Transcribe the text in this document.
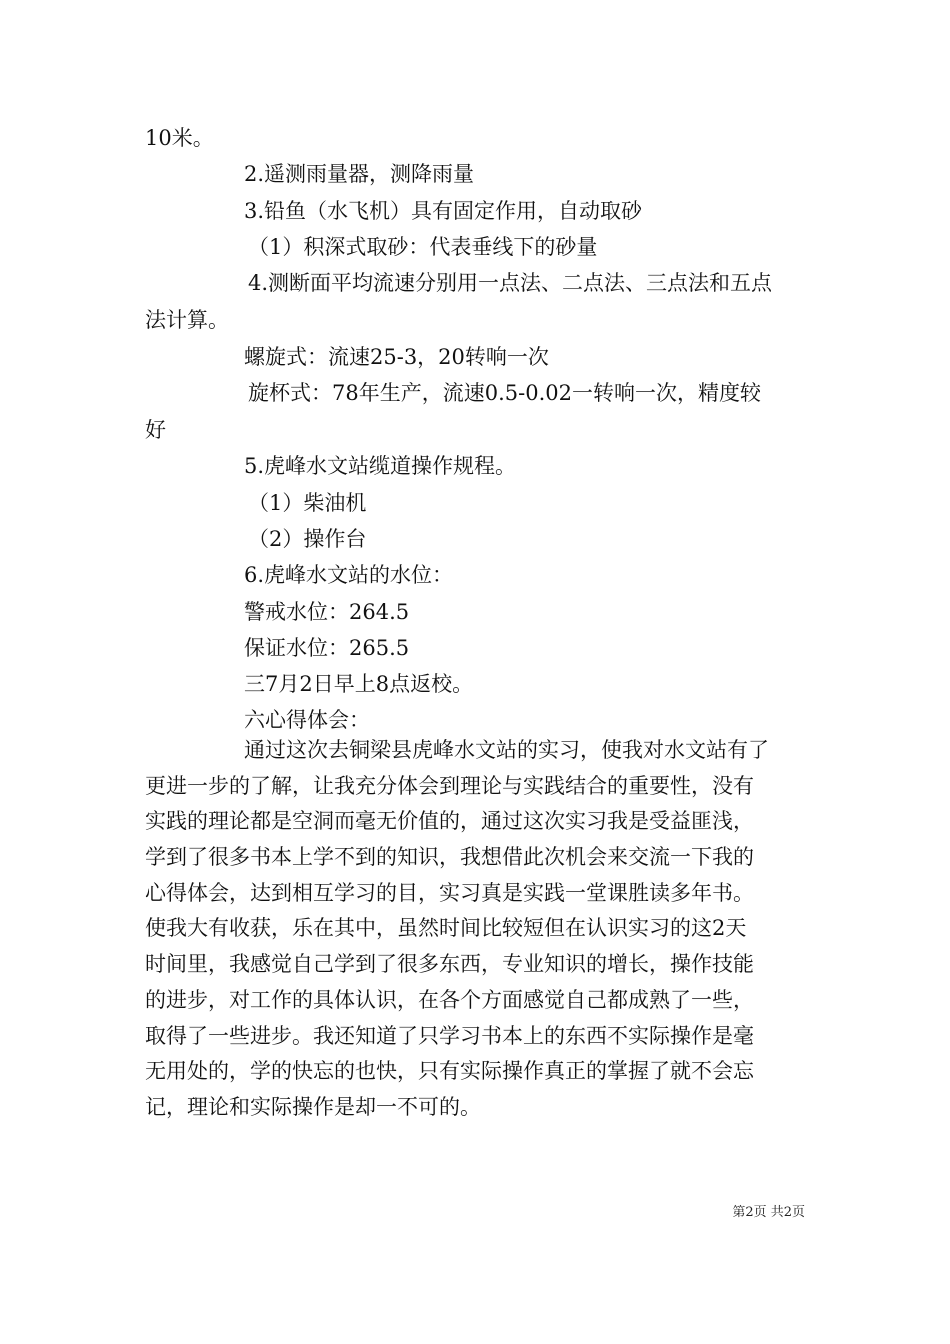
10米。
2.遥测雨量器，测降雨量
3.铅鱼（水飞机）具有固定作用，自动取砂
（1）积深式取砂：代表垂线下的砂量
4.测断面平均流速分别用一点法、二点法、三点法和五点
法计算。
螺旋式：流速25-3，20转响一次
旋杯式：78年生产，流速0.5-0.02一转响一次，精度较
好
5.虎峰水文站缆道操作规程。
（1）柴油机
（2）操作台
6.虎峰水文站的水位：
警戒水位：264.5
保证水位：265.5
三7月2日早上8点返校。
六心得体会：
通过这次去铜梁县虎峰水文站的实习，使我对水文站有了
更进一步的了解，让我充分体会到理论与实践结合的重要性，没有
实践的理论都是空洞而毫无价值的，通过这次实习我是受益匪浅，
学到了很多书本上学不到的知识，我想借此次机会来交流一下我的
心得体会，达到相互学习的目，实习真是实践一堂课胜读多年书。
使我大有收获，乐在其中，虽然时间比较短但在认识实习的这2天
时间里，我感觉自己学到了很多东西，专业知识的增长，操作技能
的进步，对工作的具体认识，在各个方面感觉自己都成熟了一些，
取得了一些进步。我还知道了只学习书本上的东西不实际操作是毫
无用处的，学的快忘的也快，只有实际操作真正的掌握了就不会忘
记，理论和实际操作是却一不可的。
第2页 共2页
